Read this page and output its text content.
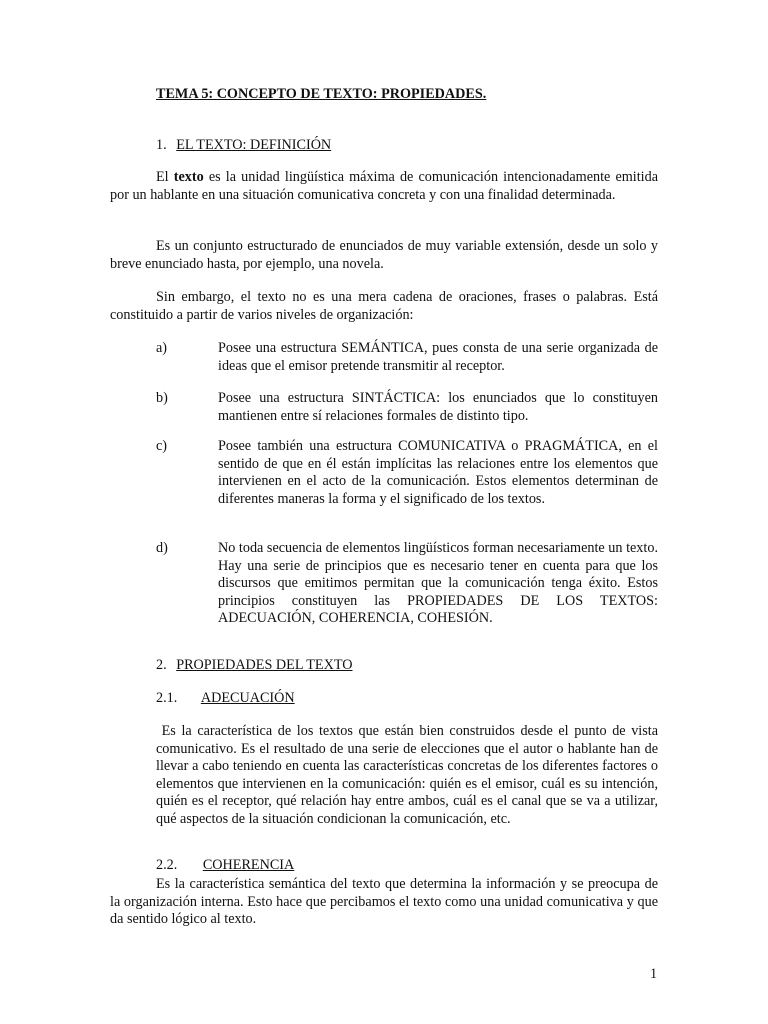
TEMA 5: CONCEPTO DE TEXTO: PROPIEDADES.
1. EL TEXTO: DEFINICIÓN
El texto es la unidad lingüística máxima de comunicación intencionadamente emitida por un hablante en una situación comunicativa concreta y con una finalidad determinada.
Es un conjunto estructurado de enunciados de muy variable extensión, desde un solo y breve enunciado hasta, por ejemplo, una novela.
Sin embargo, el texto no es una mera cadena de oraciones, frases o palabras. Está constituido a partir de varios niveles de organización:
a)	Posee una estructura SEMÁNTICA, pues consta de una serie organizada de ideas que el emisor pretende transmitir al receptor.
b)	Posee una estructura SINTÁCTICA: los enunciados que lo constituyen mantienen entre sí relaciones formales de distinto tipo.
c)	Posee también una estructura COMUNICATIVA o PRAGMÁTICA, en el sentido de que en él están implícitas las relaciones entre los elementos que intervienen en el acto de la comunicación. Estos elementos determinan de diferentes maneras la forma y el significado de los textos.
d)	No toda secuencia de elementos lingüísticos forman necesariamente un texto. Hay una serie de principios que es necesario tener en cuenta para que los discursos que emitimos permitan que la comunicación tenga éxito. Estos principios constituyen las PROPIEDADES DE LOS TEXTOS: ADECUACIÓN, COHERENCIA, COHESIÓN.
2. PROPIEDADES DEL TEXTO
2.1. ADECUACIÓN
Es la característica de los textos que están bien construidos desde el punto de vista comunicativo. Es el resultado de una serie de elecciones que el autor o hablante han de llevar a cabo teniendo en cuenta las características concretas de los diferentes factores o elementos que intervienen en la comunicación: quién es el emisor, cuál es su intención, quién es el receptor, qué relación hay entre ambos, cuál es el canal que se va a utilizar, qué aspectos de la situación condicionan la comunicación, etc.
2.2. COHERENCIA
Es la característica semántica del texto que determina la información y se preocupa de la organización interna. Esto hace que percibamos el texto como una unidad comunicativa y que da sentido lógico al texto.
1
